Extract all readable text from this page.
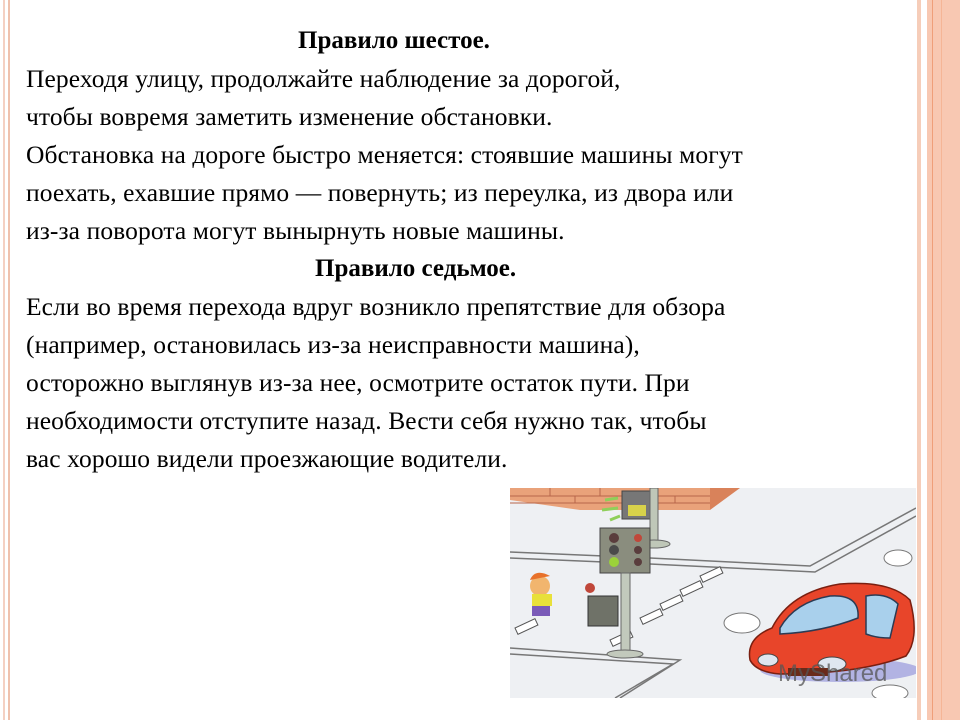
Правило шестое.
Переходя улицу, продолжайте наблюдение за дорогой,
чтобы вовремя заметить изменение обстановки.
Обстановка на дороге быстро меняется: стоявшие машины могут
поехать, ехавшие прямо — повернуть; из переулка, из двора или
из-за поворота могут вынырнуть новые машины.
Правило седьмое.
Если во время перехода вдруг возникло препятствие для обзора
(например, остановилась из-за неисправности машина),
осторожно выглянув из-за нее, осмотрите остаток пути. При
необходимости отступите назад. Вести себя нужно так, чтобы
вас хорошо видели проезжающие водители.
MyShared
